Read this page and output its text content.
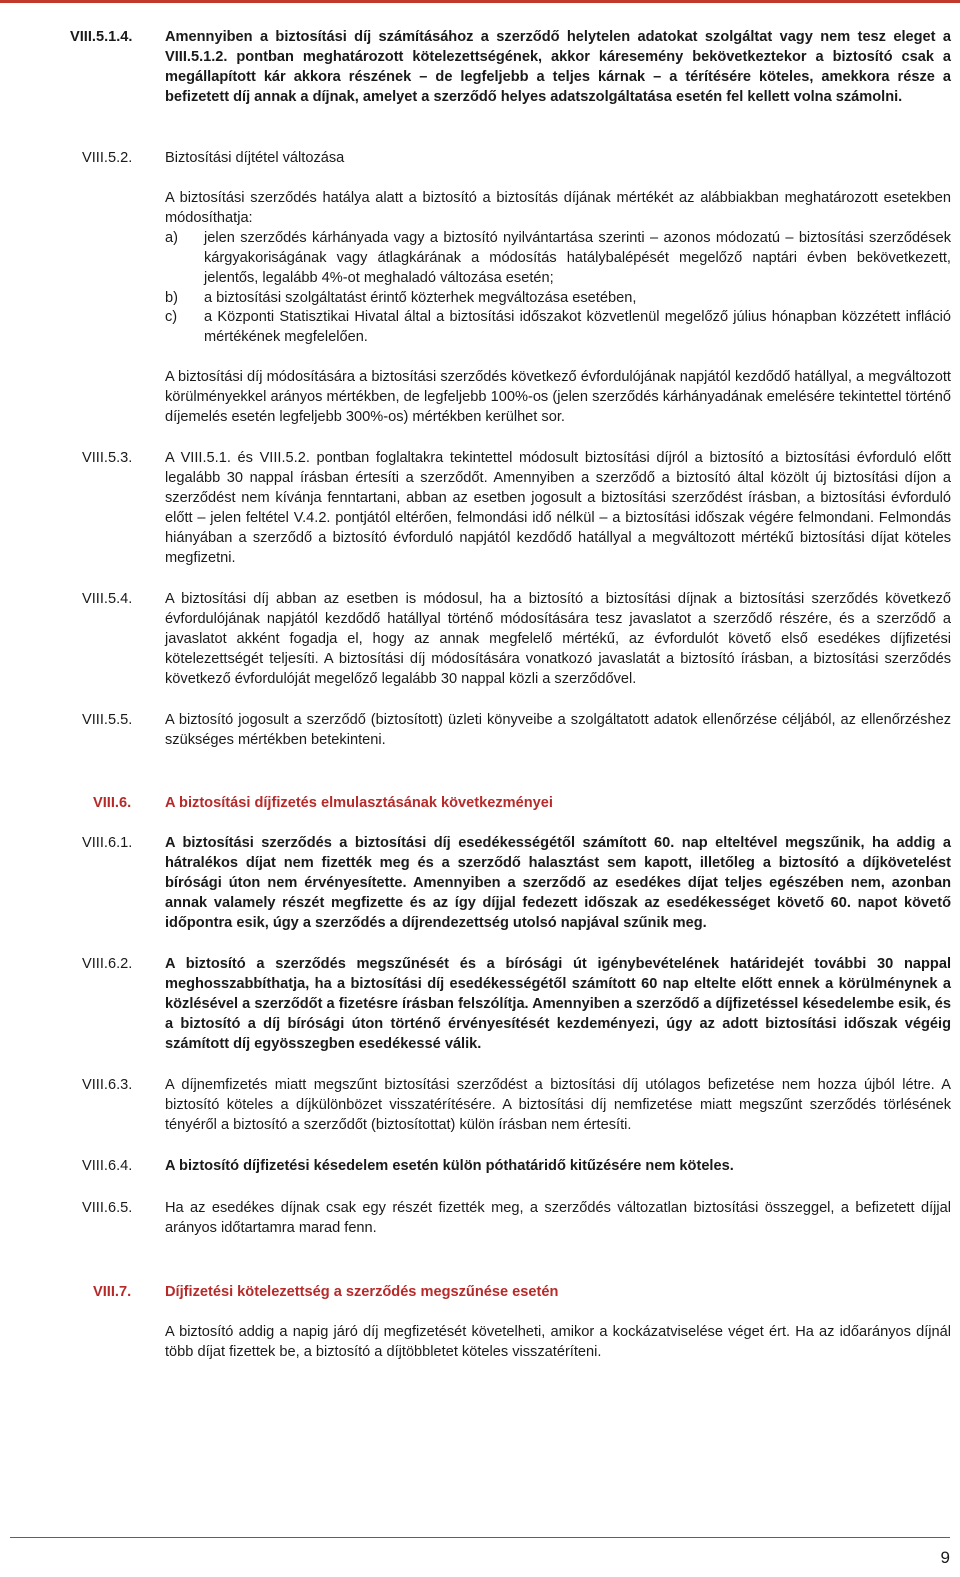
VIII.5.1.4. Amennyiben a biztosítási díj számításához a szerződő helytelen adatokat szolgáltat vagy nem tesz eleget a VIII.5.1.2. pontban meghatározott kötelezettségének, akkor káresemény bekövetkeztekor a biztosító csak a megállapított kár akkora részének – de legfeljebb a teljes kárnak – a térítésére köteles, amekkora része a befizetett díj annak a díjnak, amelyet a szerződő helyes adatszolgáltatása esetén fel kellett volna számolni.
VIII.5.2. Biztosítási díjtétel változása
A biztosítási szerződés hatálya alatt a biztosító a biztosítás díjának mértékét az alábbiakban meghatározott esetekben módosíthatja:
a) jelen szerződés kárhányada vagy a biztosító nyilvántartása szerinti – azonos módozatú – biztosítási szerződések kárgyakoriságának vagy átlagkárának a módosítás hatálybalépését megelőző naptári évben bekövetkezett, jelentős, legalább 4%-ot meghaladó változása esetén;
b) a biztosítási szolgáltatást érintő közterhek megváltozása esetében,
c) a Központi Statisztikai Hivatal által a biztosítási időszakot közvetlenül megelőző július hónapban közzétett infláció mértékének megfelelően.
A biztosítási díj módosítására a biztosítási szerződés következő évfordulójának napjától kezdődő hatállyal, a megváltozott körülményekkel arányos mértékben, de legfeljebb 100%-os (jelen szerződés kárhányadának emelésére tekintettel történő díjemelés esetén legfeljebb 300%-os) mértékben kerülhet sor.
VIII.5.3. A VIII.5.1. és VIII.5.2. pontban foglaltakra tekintettel módosult biztosítási díjról a biztosító a biztosítási évforduló előtt legalább 30 nappal írásban értesíti a szerződőt. Amennyiben a szerződő a biztosító által közölt új biztosítási díjon a szerződést nem kívánja fenntartani, abban az esetben jogosult a biztosítási szerződést írásban, a biztosítási évforduló előtt – jelen feltétel V.4.2. pontjától eltérően, felmondási idő nélkül – a biztosítási időszak végére felmondani. Felmondás hiányában a szerződő a biztosító évforduló napjától kezdődő hatállyal a megváltozott mértékű biztosítási díjat köteles megfizetni.
VIII.5.4. A biztosítási díj abban az esetben is módosul, ha a biztosító a biztosítási díjnak a biztosítási szerződés következő évfordulójának napjától kezdődő hatállyal történő módosítására tesz javaslatot a szerződő részére, és a szerződő a javaslatot akként fogadja el, hogy az annak megfelelő mértékű, az évfordulót követő első esedékes díjfizetési kötelezettségét teljesíti. A biztosítási díj módosítására vonatkozó javaslatát a biztosító írásban, a biztosítási szerződés következő évfordulóját megelőző legalább 30 nappal közli a szerződővel.
VIII.5.5. A biztosító jogosult a szerződő (biztosított) üzleti könyveibe a szolgáltatott adatok ellenőrzése céljából, az ellenőrzéshez szükséges mértékben betekinteni.
VIII.6. A biztosítási díjfizetés elmulasztásának következményei
VIII.6.1. A biztosítási szerződés a biztosítási díj esedékességétől számított 60. nap elteltével megszűnik, ha addig a hátralékos díjat nem fizették meg és a szerződő halasztást sem kapott, illetőleg a biztosító a díjkövetelést bírósági úton nem érvényesítette. Amennyiben a szerződő az esedékes díjat teljes egészében nem, azonban annak valamely részét megfizette és az így díjjal fedezett időszak az esedékességet követő 60. napot követő időpontra esik, úgy a szerződés a díjrendezettség utolsó napjával szűnik meg.
VIII.6.2. A biztosító a szerződés megszűnését és a bírósági út igénybevételének határidejét további 30 nappal meghosszabbíthatja, ha a biztosítási díj esedékességétől számított 60 nap eltelte előtt ennek a körülménynek a közlésével a szerződőt a fizetésre írásban felszólítja. Amennyiben a szerződő a díjfizetéssel késedelembe esik, és a biztosító a díj bírósági úton történő érvényesítését kezdeményezi, úgy az adott biztosítási időszak végéig számított díj egyösszegben esedékessé válik.
VIII.6.3. A díjnemfizetés miatt megszűnt biztosítási szerződést a biztosítási díj utólagos befizetése nem hozza újból létre. A biztosító köteles a díjkülönbözet visszatérítésére. A biztosítási díj nemfizetése miatt megszűnt szerződés törlésének tényéről a biztosító a szerződőt (biztosítottat) külön írásban nem értesíti.
VIII.6.4. A biztosító díjfizetési késedelem esetén külön póthatáridő kitűzésére nem köteles.
VIII.6.5. Ha az esedékes díjnak csak egy részét fizették meg, a szerződés változatlan biztosítási összeggel, a befizetett díjjal arányos időtartamra marad fenn.
VIII.7. Díjfizetési kötelezettség a szerződés megszűnése esetén
A biztosító addig a napig járó díj megfizetését követelheti, amikor a kockázatviselése véget ért. Ha az időarányos díjnál több díjat fizettek be, a biztosító a díjtöbbletet köteles visszatéríteni.
9
